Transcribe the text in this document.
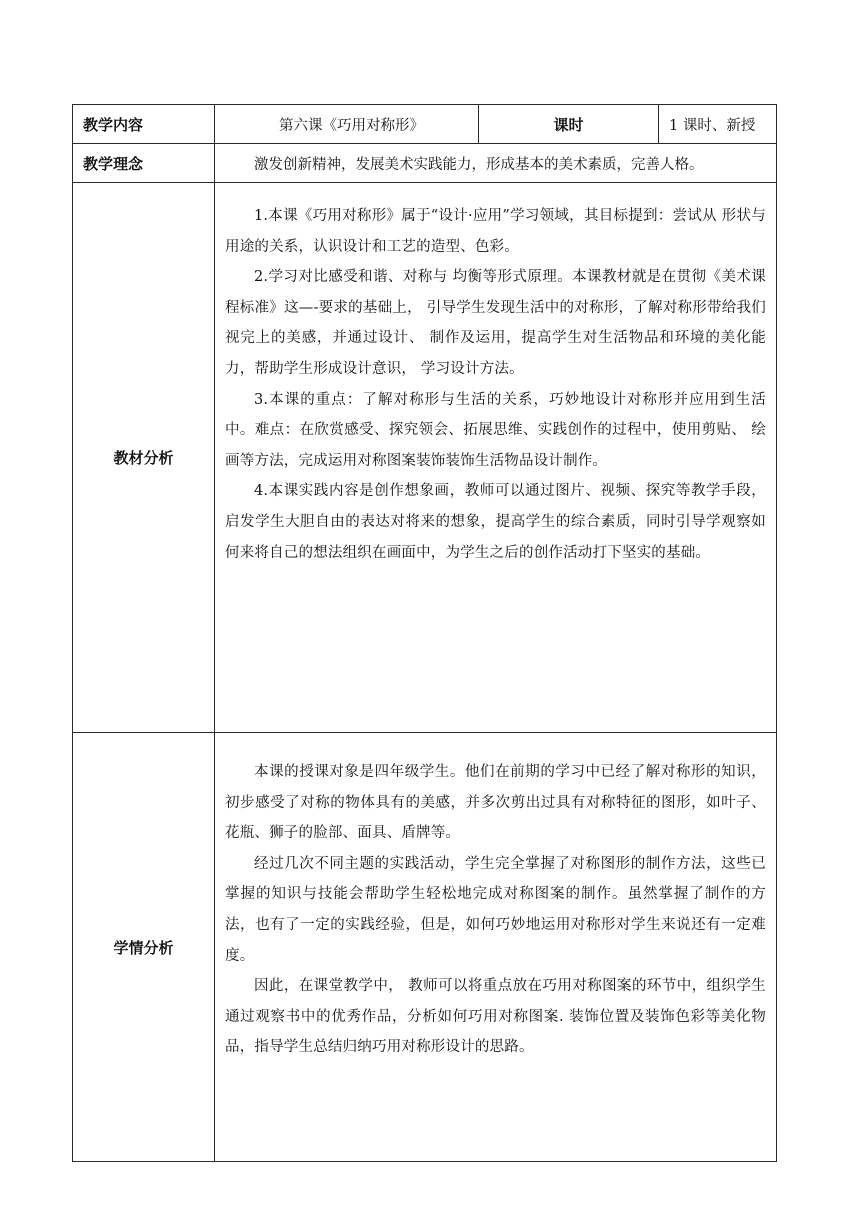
教学内容	第六课《巧用对称形》	课时	1 课时、新授
教学理念	激发创新精神，发展美术实践能力，形成基本的美术素质，完善人格。		
教材分析	1.本课《巧用对称形》属于“设计·应用”学习领域，其目标提到：尝试从 形状与用途的关系，认识设计和工艺的造型、色彩。

2.学习对比感受和谐、对称与 均衡等形式原理。本课教材就是在贯彻《美术课程标准》这—-要求的基础上， 引导学生发现生活中的对称形，了解对称形带给我们视完上的美感，并通过设计、 制作及运用，提高学生对生活物品和环境的美化能力，帮助学生形成设计意识， 学习设计方法。

3.本课的重点：了解对称形与生活的关系，巧妙地设计对称形并应用到生活中。难点：在欣赏感受、探究领会、拓展思维、实践创作的过程中，使用剪贴、 绘画等方法，完成运用对称图案装饰装饰生活物品设计制作。

4.本课实践内容是创作想象画，教师可以通过图片、视频、探究等教学手段，启发学生大胆自由的表达对将来的想象，提高学生的综合素质，同时引导学观察如何来将自己的想法组织在画面中，为学生之后的创作活动打下坚实的基础。		

学情分析	本课的授课对象是四年级学生。他们在前期的学习中已经了解对称形的知识，初步感受了对称的物体具有的美感，并多次剪出过具有对称特征的图形，如叶子、花瓶、狮子的脸部、面具、盾牌等。

经过几次不同主题的实践活动，学生完全掌握了对称图形的制作方法，这些已掌握的知识与技能会帮助学生轻松地完成对称图案的制作。虽然掌握了制作的方法，也有了一定的实践经验，但是，如何巧妙地运用对称形对学生来说还有一定难度。

因此，在课堂教学中， 教师可以将重点放在巧用对称图案的环节中，组织学生通过观察书中的优秀作品，分析如何巧用对称图案. 装饰位置及装饰色彩等美化物品，指导学生总结归纳巧用对称形设计的思路。		
